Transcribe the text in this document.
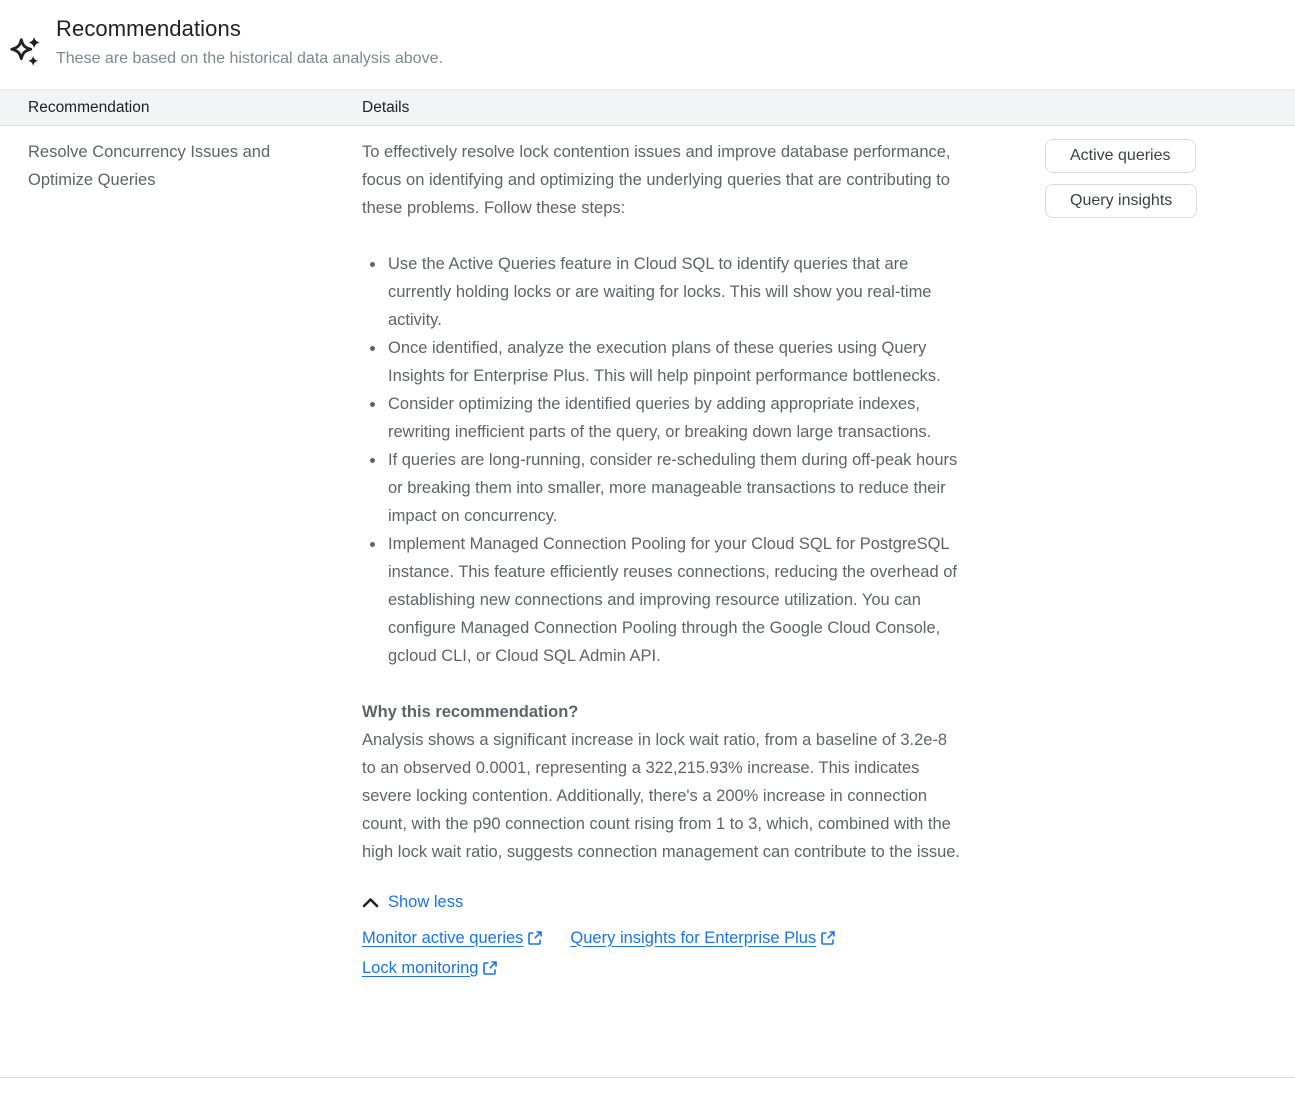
Recommendations
These are based on the historical data analysis above.
Recommendation	Details
Resolve Concurrency Issues and Optimize Queries

To effectively resolve lock contention issues and improve database performance, focus on identifying and optimizing the underlying queries that are contributing to these problems. Follow these steps:

• Use the Active Queries feature in Cloud SQL to identify queries that are currently holding locks or are waiting for locks. This will show you real-time activity.
• Once identified, analyze the execution plans of these queries using Query Insights for Enterprise Plus. This will help pinpoint performance bottlenecks.
• Consider optimizing the identified queries by adding appropriate indexes, rewriting inefficient parts of the query, or breaking down large transactions.
• If queries are long-running, consider re-scheduling them during off-peak hours or breaking them into smaller, more manageable transactions to reduce their impact on concurrency.
• Implement Managed Connection Pooling for your Cloud SQL for PostgreSQL instance. This feature efficiently reuses connections, reducing the overhead of establishing new connections and improving resource utilization. You can configure Managed Connection Pooling through the Google Cloud Console, gcloud CLI, or Cloud SQL Admin API.
Why this recommendation?

Analysis shows a significant increase in lock wait ratio, from a baseline of 3.2e-8 to an observed 0.0001, representing a 322,215.93% increase. This indicates severe locking contention. Additionally, there's a 200% increase in connection count, with the p90 connection count rising from 1 to 3, which, combined with the high lock wait ratio, suggests connection management can contribute to the issue.

Show less
Monitor active queries	Query insights for Enterprise Plus
Lock monitoring
Active queries
Query insights
